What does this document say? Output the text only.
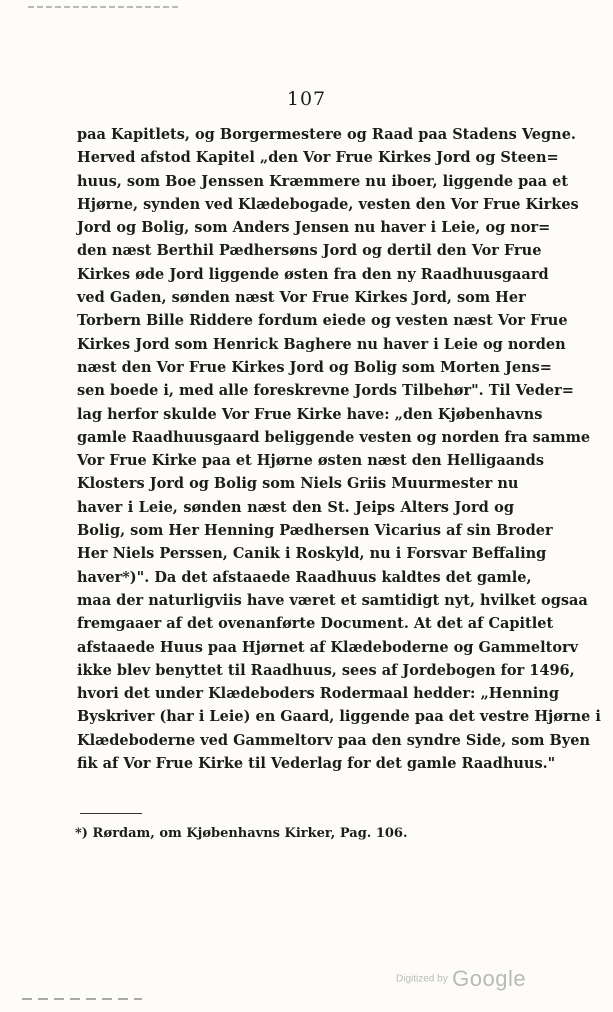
107
paa Kapitlets, og Borgermestere og Raad paa Stadens Vegne.
Herved afstod Kapitel „den Vor Frue Kirkes Jord og Steen=
huus, som Boe Jenssen Kræmmere nu iboer, liggende paa et
Hjørne, synden ved Klædebogade, vesten den Vor Frue Kirkes
Jord og Bolig, som Anders Jensen nu haver i Leie, og nor=
den næst Berthil Pædhersøns Jord og dertil den Vor Frue
Kirkes øde Jord liggende østen fra den ny Raadhuusgaard
ved Gaden, sønden næst Vor Frue Kirkes Jord, som Her
Torbern Bille Riddere fordum eiede og vesten næst Vor Frue
Kirkes Jord som Henrick Baghere nu haver i Leie og norden
næst den Vor Frue Kirkes Jord og Bolig som Morten Jens=
sen boede i, med alle foreskrevne Jords Tilbehør". Til Veder=
lag herfor skulde Vor Frue Kirke have: „den Kjøbenhavns
gamle Raadhuusgaard beliggende vesten og norden fra samme
Vor Frue Kirke paa et Hjørne østen næst den Helligaands
Klosters Jord og Bolig som Niels Griis Muurmester nu
haver i Leie, sønden næst den St. Jeips Alters Jord og
Bolig, som Her Henning Pædhersen Vicarius af sin Broder
Her Niels Perssen, Canik i Roskyld, nu i Forsvar Beffaling
haver*)". Da det afstaaede Raadhuus kaldtes det gamle,
maa der naturligviis have været et samtidigt nyt, hvilket ogsaa
fremgaaer af det ovenanførte Document. At det af Capitlet
afstaaede Huus paa Hjørnet af Klædeboderne og Gammeltorv
ikke blev benyttet til Raadhuus, sees af Jordebogen for 1496,
hvori det under Klædeboders Rodermaal hedder: „Henning
Byskriver (har i Leie) en Gaard, liggende paa det vestre Hjørne i
Klædeboderne ved Gammeltorv paa den syndre Side, som Byen
fik af Vor Frue Kirke til Vederlag for det gamle Raadhuus."
*) Rørdam, om Kjøbenhavns Kirker, Pag. 106.
Digitized by Google
